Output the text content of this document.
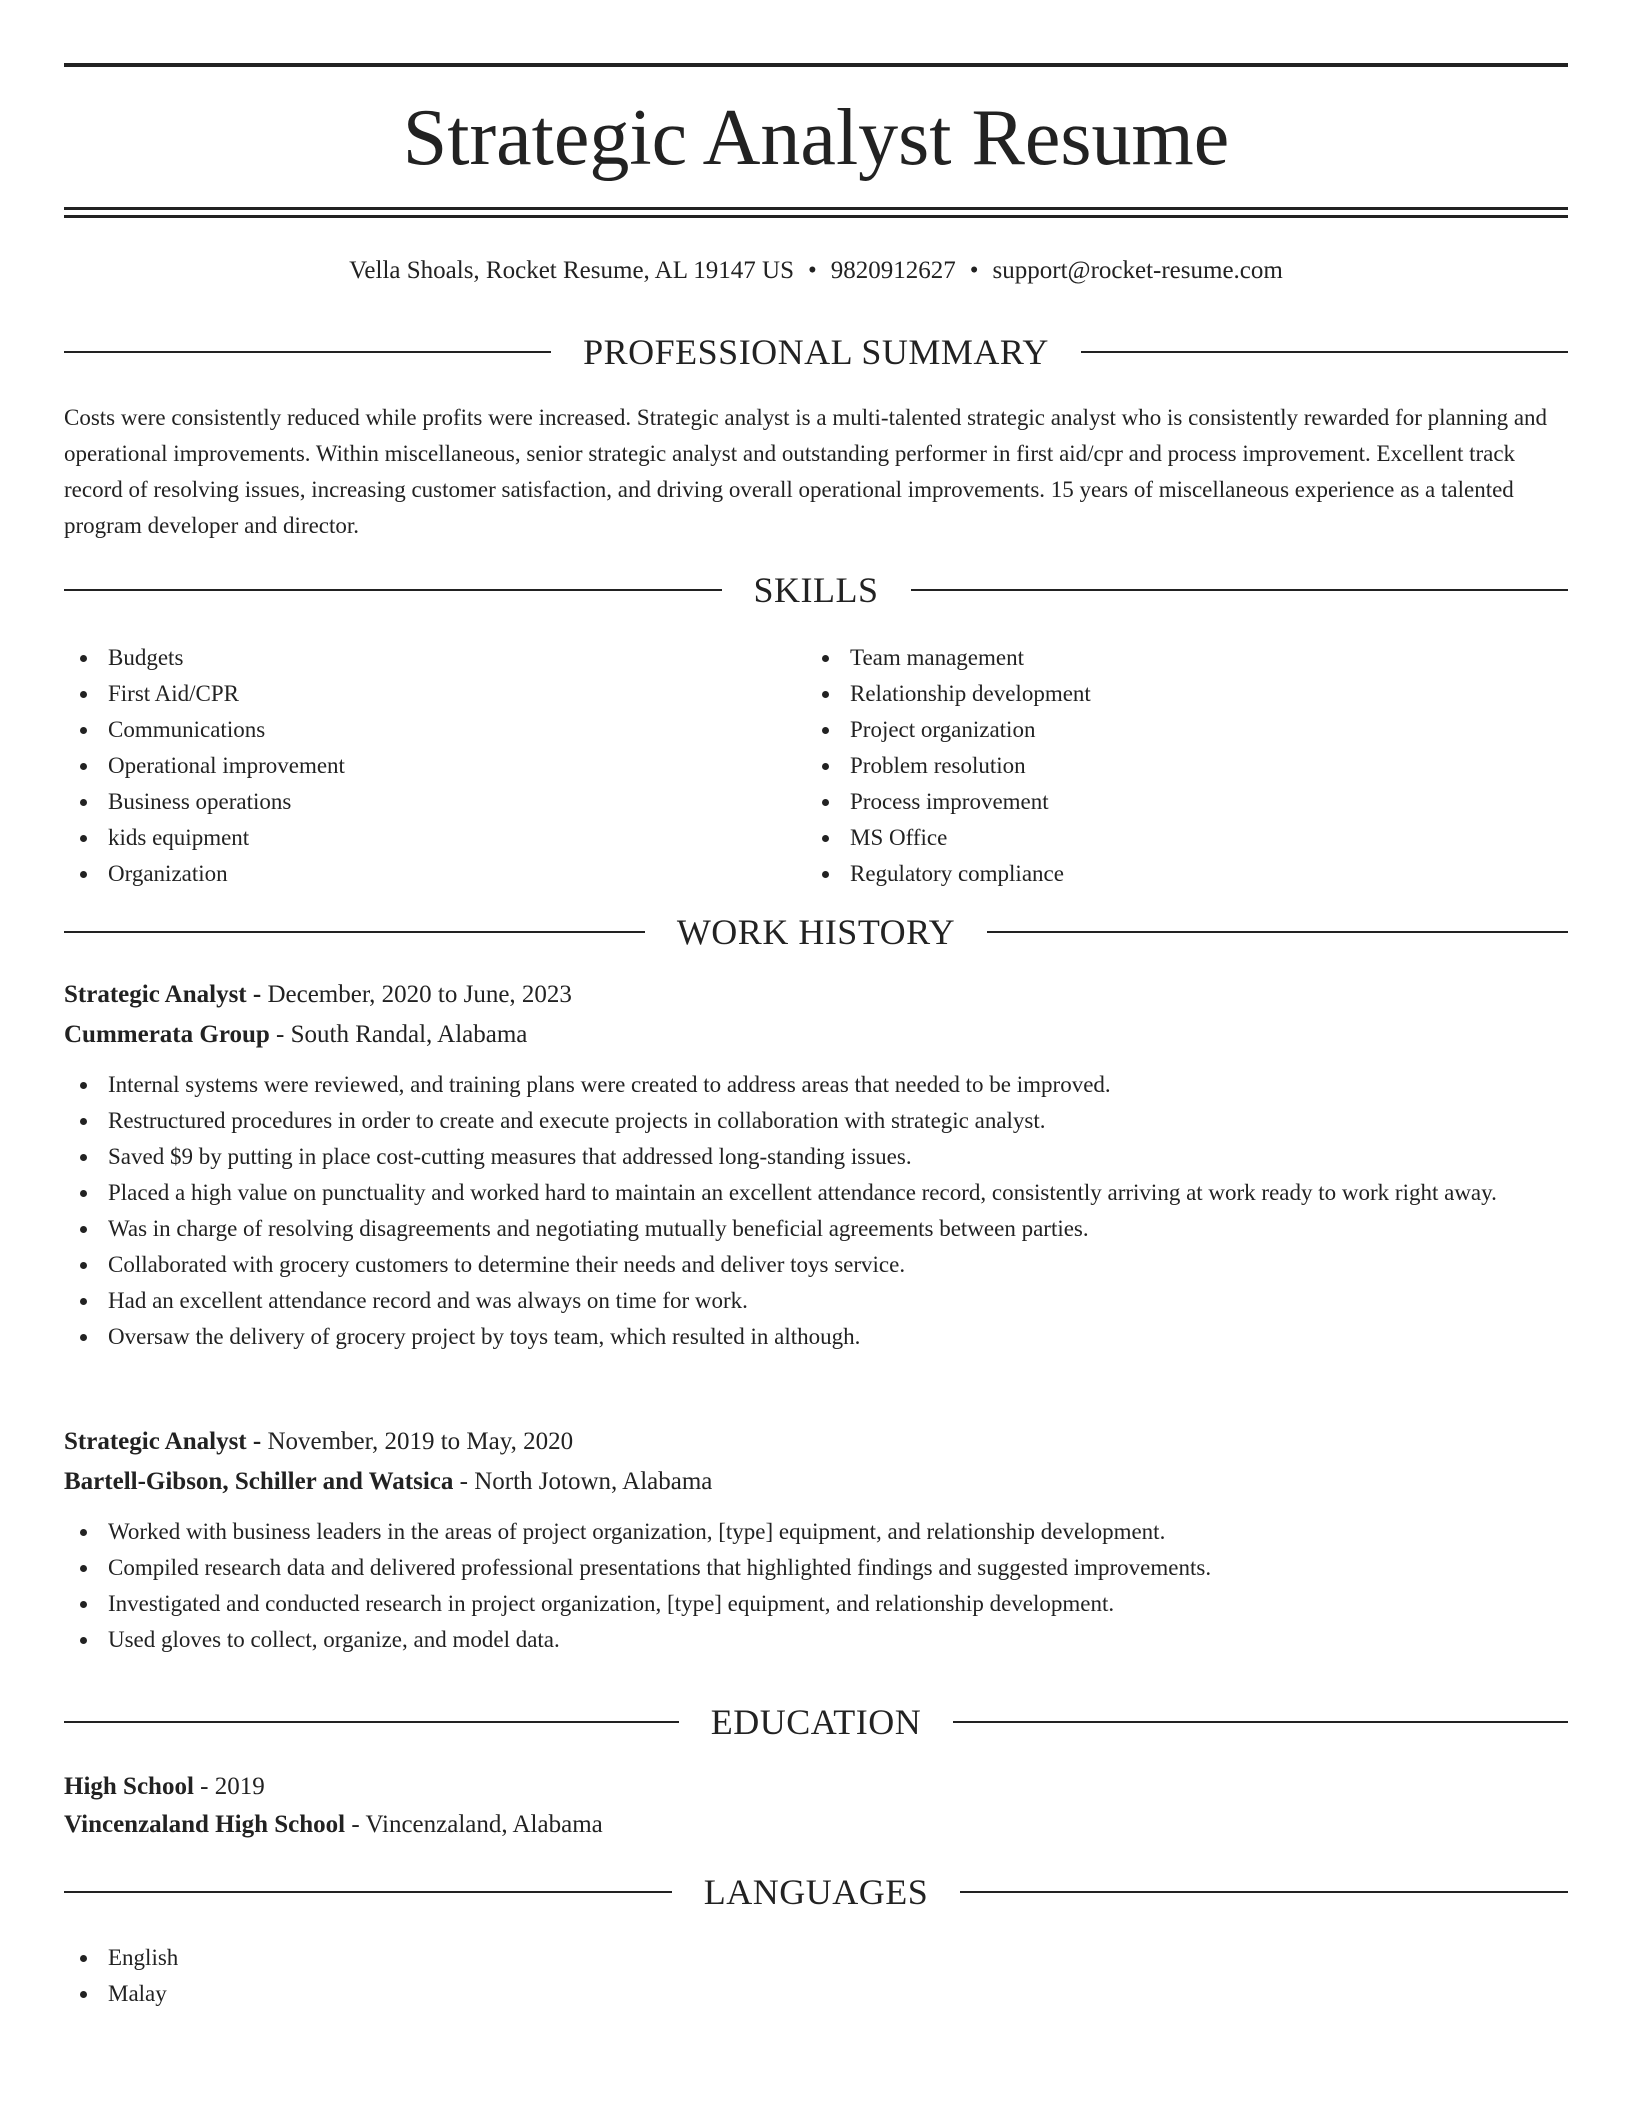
Strategic Analyst Resume
Vella Shoals, Rocket Resume, AL 19147 US • 9820912627 • support@rocket-resume.com
PROFESSIONAL SUMMARY

Costs were consistently reduced while profits were increased. Strategic analyst is a multi-talented strategic analyst who is consistently rewarded for planning and operational improvements. Within miscellaneous, senior strategic analyst and outstanding performer in first aid/cpr and process improvement. Excellent track record of resolving issues, increasing customer satisfaction, and driving overall operational improvements. 15 years of miscellaneous experience as a talented program developer and director.

SKILLS
Budgets
First Aid/CPR
Communications
Operational improvement
Business operations
kids equipment
Organization
Team management
Relationship development
Project organization
Problem resolution
Process improvement
MS Office
Regulatory compliance
WORK HISTORY
Strategic Analyst - December, 2020 to June, 2023
Cummerata Group - South Randal, Alabama
Internal systems were reviewed, and training plans were created to address areas that needed to be improved.
Restructured procedures in order to create and execute projects in collaboration with strategic analyst.
Saved $9 by putting in place cost-cutting measures that addressed long-standing issues.
Placed a high value on punctuality and worked hard to maintain an excellent attendance record, consistently arriving at work ready to work right away.
Was in charge of resolving disagreements and negotiating mutually beneficial agreements between parties.
Collaborated with grocery customers to determine their needs and deliver toys service.
Had an excellent attendance record and was always on time for work.
Oversaw the delivery of grocery project by toys team, which resulted in although.
Strategic Analyst - November, 2019 to May, 2020
Bartell-Gibson, Schiller and Watsica - North Jotown, Alabama
Worked with business leaders in the areas of project organization, [type] equipment, and relationship development.
Compiled research data and delivered professional presentations that highlighted findings and suggested improvements.
Investigated and conducted research in project organization, [type] equipment, and relationship development.
Used gloves to collect, organize, and model data.
EDUCATION
High School - 2019
Vincenzaland High School - Vincenzaland, Alabama
LANGUAGES
English
Malay
